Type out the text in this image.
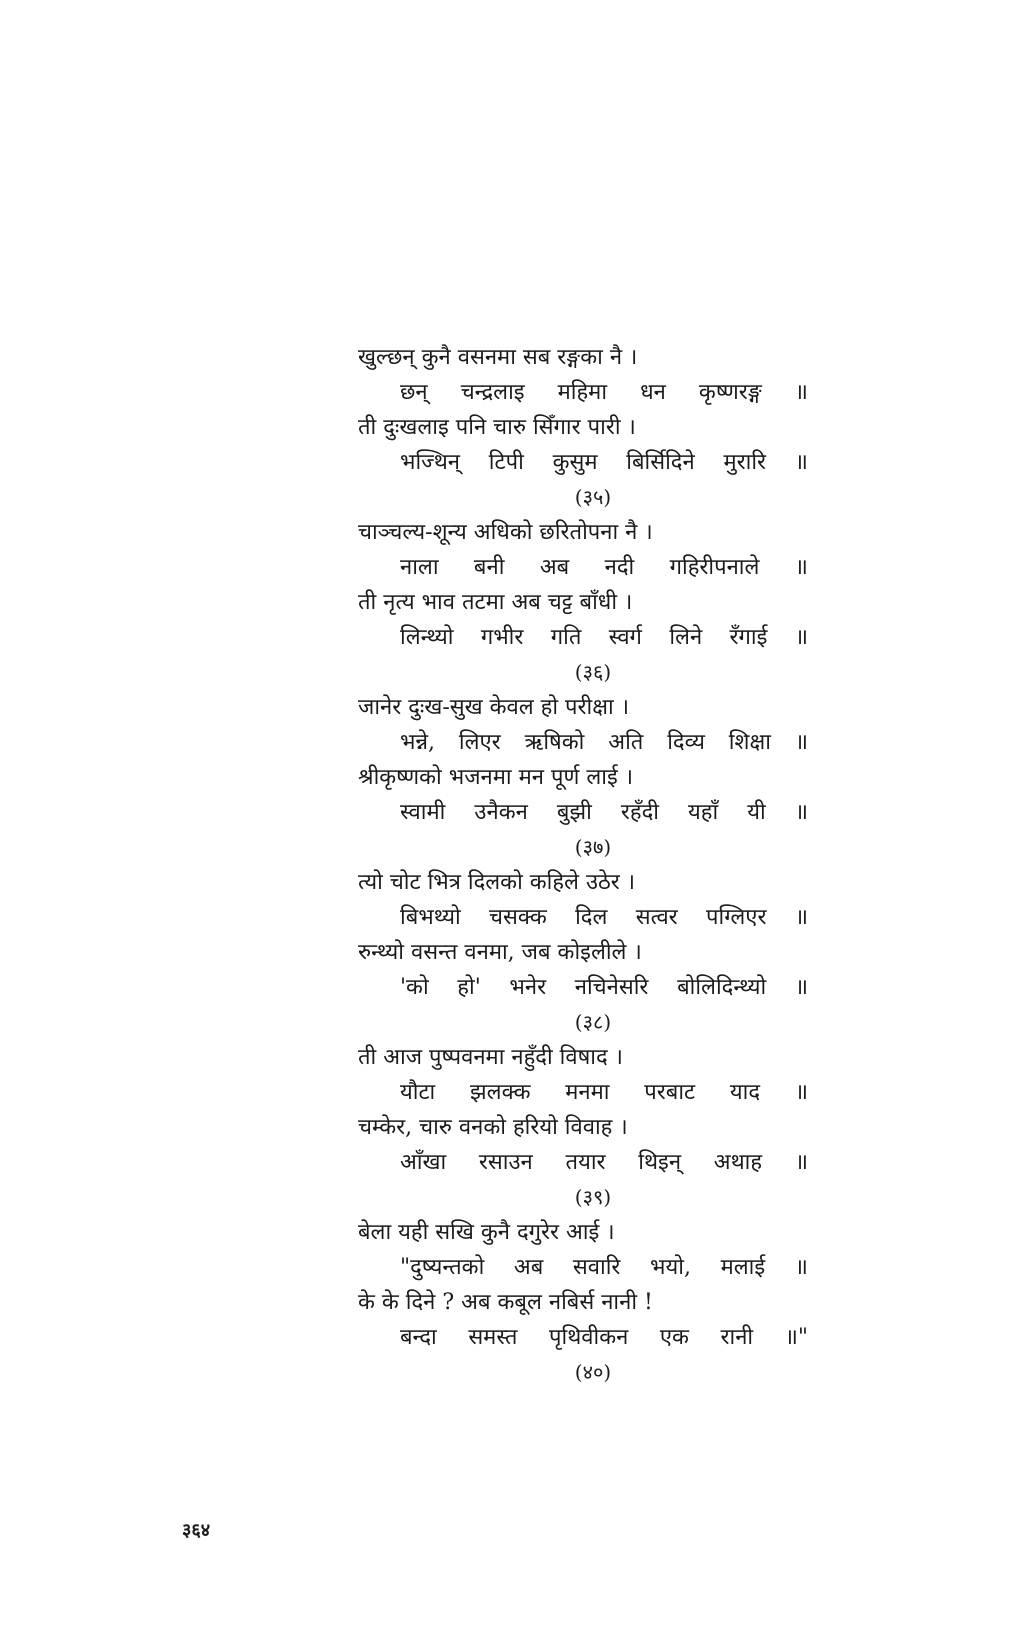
खुल्छन् कुनै वसनमा सब रङ्गका नै ।
छन् चन्द्रलाइ महिमा धन कृष्णरङ्ग ॥
ती दुःखलाइ पनि चारु सिँगार पारी ।
भज्थिन् टिपी कुसुम बिर्सिदिने मुरारि ॥
(३५)
चाञ्चल्य-शून्य अधिको छरितोपना नै ।
नाला बनी अब नदी गहिरीपनाले ॥
ती नृत्य भाव तटमा अब चट्ट बाँधी ।
लिन्थ्यो गभीर गति स्वर्ग लिने रँगाई ॥
(३६)
जानेर दुःख-सुख केवल हो परीक्षा ।
भन्ने, लिएर ऋषिको अति दिव्य शिक्षा ॥
श्रीकृष्णको भजनमा मन पूर्ण लाई ।
स्वामी उनैकन बुझी रहँदी यहाँ यी ॥
(३७)
त्यो चोट भित्र दिलको कहिले उठेर ।
बिभथ्यो चसक्क दिल सत्वर पग्लिएर ॥
रुन्थ्यो वसन्त वनमा, जब कोइलीले ।
'को हो' भनेर नचिनेसरि बोलिदिन्थ्यो ॥
(३८)
ती आज पुष्पवनमा नहुँदी विषाद ।
यौटा झलक्क मनमा परबाट याद ॥
चम्केर, चारु वनको हरियो विवाह ।
आँखा रसाउन तयार थिइन् अथाह ॥
(३९)
बेला यही सखि कुनै दगुरेर आई ।
"दुष्यन्तको अब सवारि भयो, मलाई ॥
के के दिने ? अब कबूल नबिर्स नानी !
बन्दा समस्त पृथिवीकन एक रानी ॥"
(४०)
३६४
